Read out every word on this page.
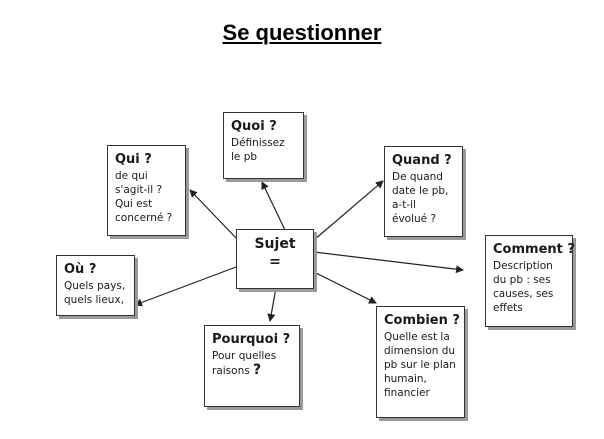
Se questionner
Sujet
=
Quoi ?
Définissez
le pb
Qui ?
de qui
s'agit-il ?
Qui est
concerné ?
Quand ?
De quand
date le pb,
a-t-il
évolué ?
Comment ?
Description
du pb : ses
causes, ses
effets
Où ?
Quels pays,
quels lieux,
Pourquoi ?
Pour quelles
raisons ?
Combien ?
Quelle est la
dimension du
pb sur le plan
humain,
financier
